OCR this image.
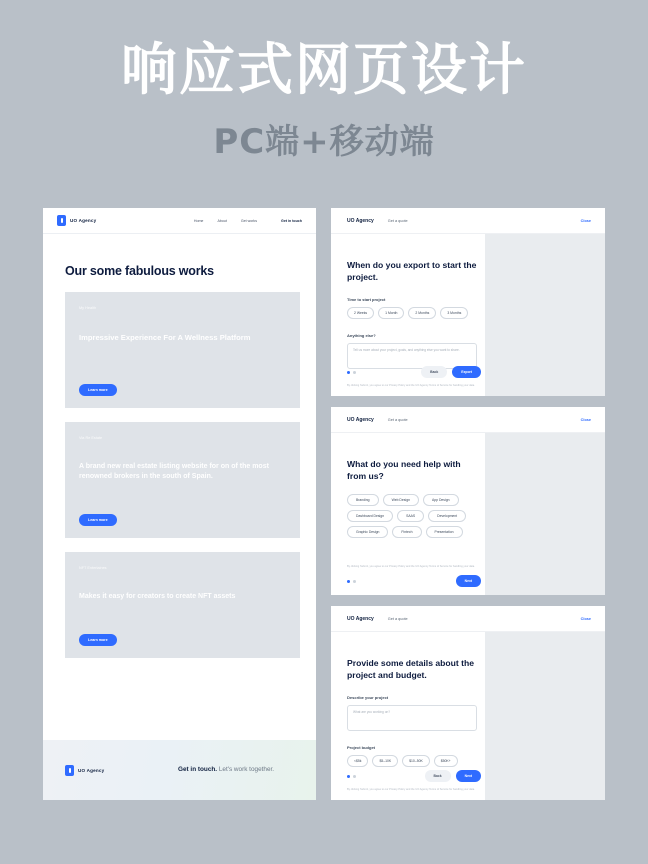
响应式网页设计
PC端+移动端
UO Agency	Home	About	Get works	Get in touch
Our some fabulous works
My Health
Impressive Experience For A Wellness Platform
Learn more
Via Re Estate
A brand new real estate listing website for on of the most renowned brokers in the south of Spain.
Learn more
NFT Entertaines
Makes it easy for creators to create NFT assets
Learn more
UO Agency	Get in touch. Let's work together.
UO Agency	Get a quote	Close
When do you export to start the project.
Time to start project
2 Weeks	1 Month	2 Months	3 Months
Anything else?
Tell us more about your project, goals, and anything else you want to share.
Back	Export
By clicking Submit, you agree to our Privacy Policy and the UO Agency Terms of Service for handling your data.
UO Agency	Get a quote	Close
What do you need help with from us?
Branding	Web Design	App Design
Dashboard Design	SAAS	Development
Graphic Design	Fintech	Presentation
By clicking Submit, you agree to our Privacy Policy and the UO Agency Terms of Service for handling your data.
Next
UO Agency	Get a quote	Close
Provide some details about the project and budget.
Describe your project
What are you working on?
Project budget
<$5k	$5–10K	$10–50K	$50K+
Back	Next
By clicking Submit, you agree to our Privacy Policy and the UO Agency Terms of Service for handling your data.
